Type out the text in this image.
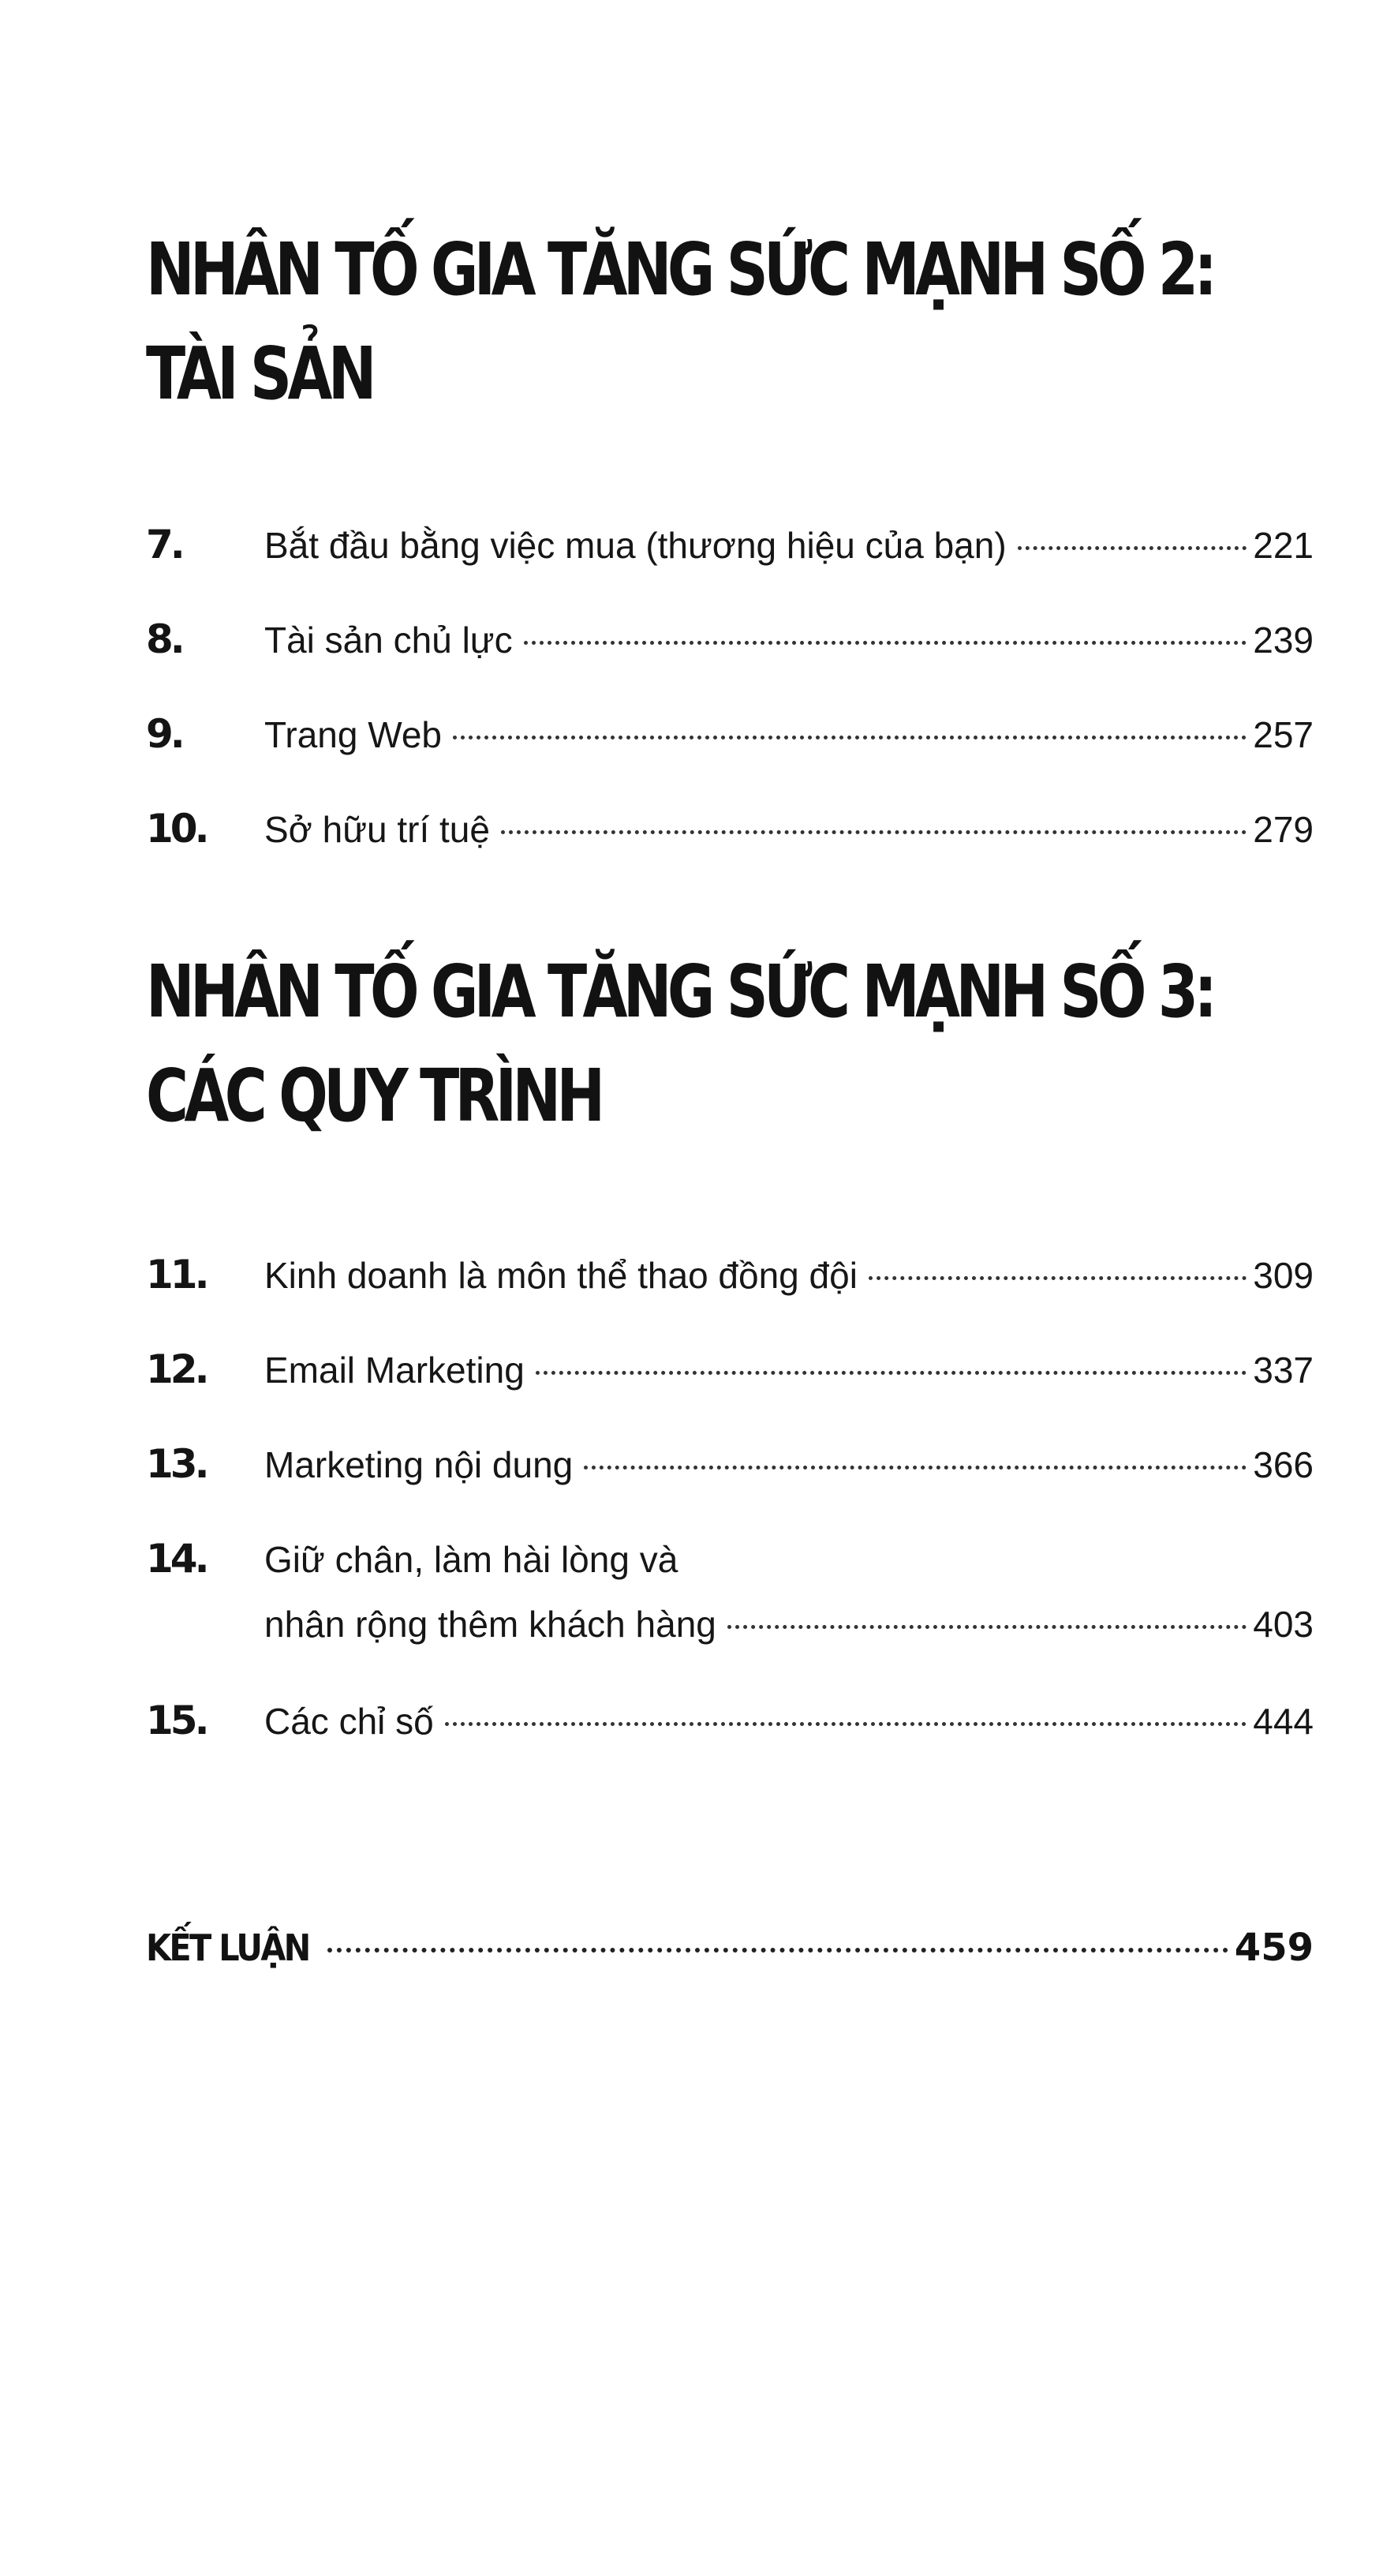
NHÂN TỐ GIA TĂNG SỨC MẠNH SỐ 2:
TÀI SẢN
7.	Bắt đầu bằng việc mua (thương hiệu của bạn)	221
8.	Tài sản chủ lực	239
9.	Trang Web	257
10.	Sở hữu trí tuệ	279
NHÂN TỐ GIA TĂNG SỨC MẠNH SỐ 3:
CÁC QUY TRÌNH
11.	Kinh doanh là môn thể thao đồng đội	309
12.	Email Marketing	337
13.	Marketing nội dung	366
14.	Giữ chân, làm hài lòng và
nhân rộng thêm khách hàng	403
15.	Các chỉ số	444
KẾT LUẬN	459
